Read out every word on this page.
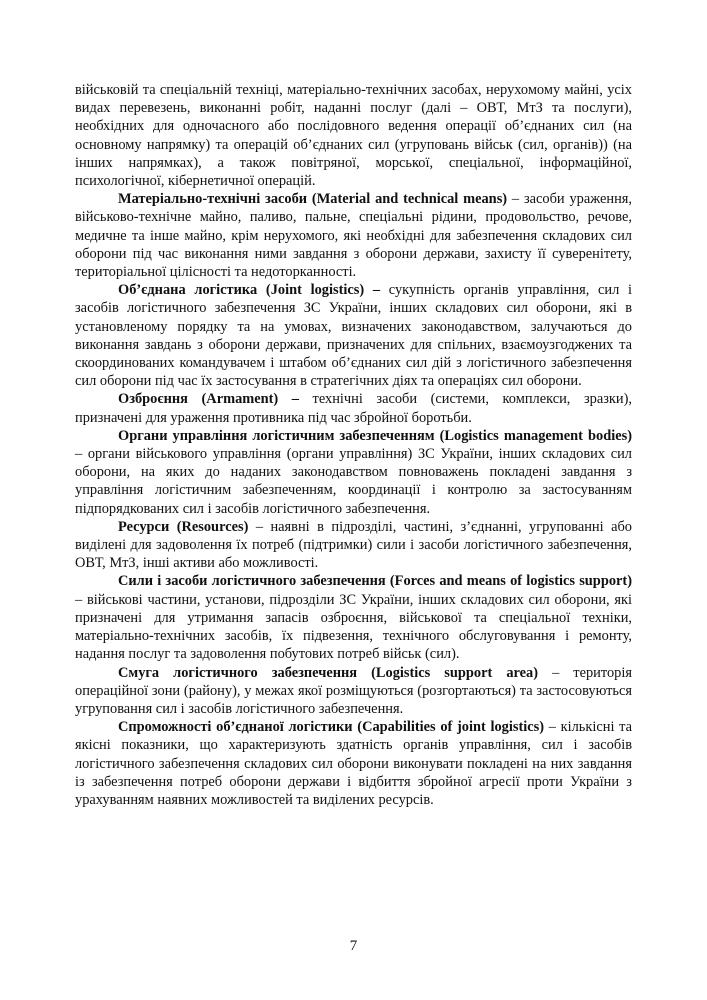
військовій та спеціальній техніці, матеріально-технічних засобах, нерухомому майні, усіх видах перевезень, виконанні робіт, наданні послуг (далі – ОВТ, МтЗ та послуги), необхідних для одночасного або послідовного ведення операції об’єднаних сил (на основному напрямку) та операцій об’єднаних сил (угруповань військ (сил, органів)) (на інших напрямках), а також повітряної, морської, спеціальної, інформаційної, психологічної, кібернетичної операцій.

Матеріально-технічні засоби (Material and technical means) – засоби ураження, військово-технічне майно, паливо, пальне, спеціальні рідини, продовольство, речове, медичне та інше майно, крім нерухомого, які необхідні для забезпечення складових сил оборони під час виконання ними завдання з оборони держави, захисту її суверенітету, територіальної цілісності та недоторканності.

Об’єднана логістика (Joint logistics) – сукупність органів управління, сил і засобів логістичного забезпечення ЗС України, інших складових сил оборони, які в установленому порядку та на умовах, визначених законодавством, залучаються до виконання завдань з оборони держави, призначених для спільних, взаємоузгоджених та скоординованих командувачем і штабом об’єднаних сил дій з логістичного забезпечення сил оборони під час їх застосування в стратегічних діях та операціях сил оборони.

Озброєння (Armament) – технічні засоби (системи, комплекси, зразки), призначені для ураження противника під час збройної боротьби.

Органи управління логістичним забезпеченням (Logistics management bodies) – органи військового управління (органи управління) ЗС України, інших складових сил оборони, на яких до наданих законодавством повноважень покладені завдання з управління логістичним забезпеченням, координації і контролю за застосуванням підпорядкованих сил і засобів логістичного забезпечення.

Ресурси (Resources) – наявні в підрозділі, частині, з’єднанні, угрупованні або виділені для задоволення їх потреб (підтримки) сили і засоби логістичного забезпечення, ОВТ, МтЗ, інші активи або можливості.

Сили і засоби логістичного забезпечення (Forces and means of logistics support) – військові частини, установи, підрозділи ЗС України, інших складових сил оборони, які призначені для утримання запасів озброєння, військової та спеціальної техніки, матеріально-технічних засобів, їх підвезення, технічного обслуговування і ремонту, надання послуг та задоволення побутових потреб військ (сил).

Смуга логістичного забезпечення (Logistics support area) – територія операційної зони (району), у межах якої розміщуються (розгортаються) та застосовуються угруповання сил і засобів логістичного забезпечення.

Спроможності об’єднаної логістики (Capabilities of joint logistics) – кількісні та якісні показники, що характеризують здатність органів управління, сил і засобів логістичного забезпечення складових сил оборони виконувати покладені на них завдання із забезпечення потреб оборони держави і відбиття збройної агресії проти України з урахуванням наявних можливостей та виділених ресурсів.

7
